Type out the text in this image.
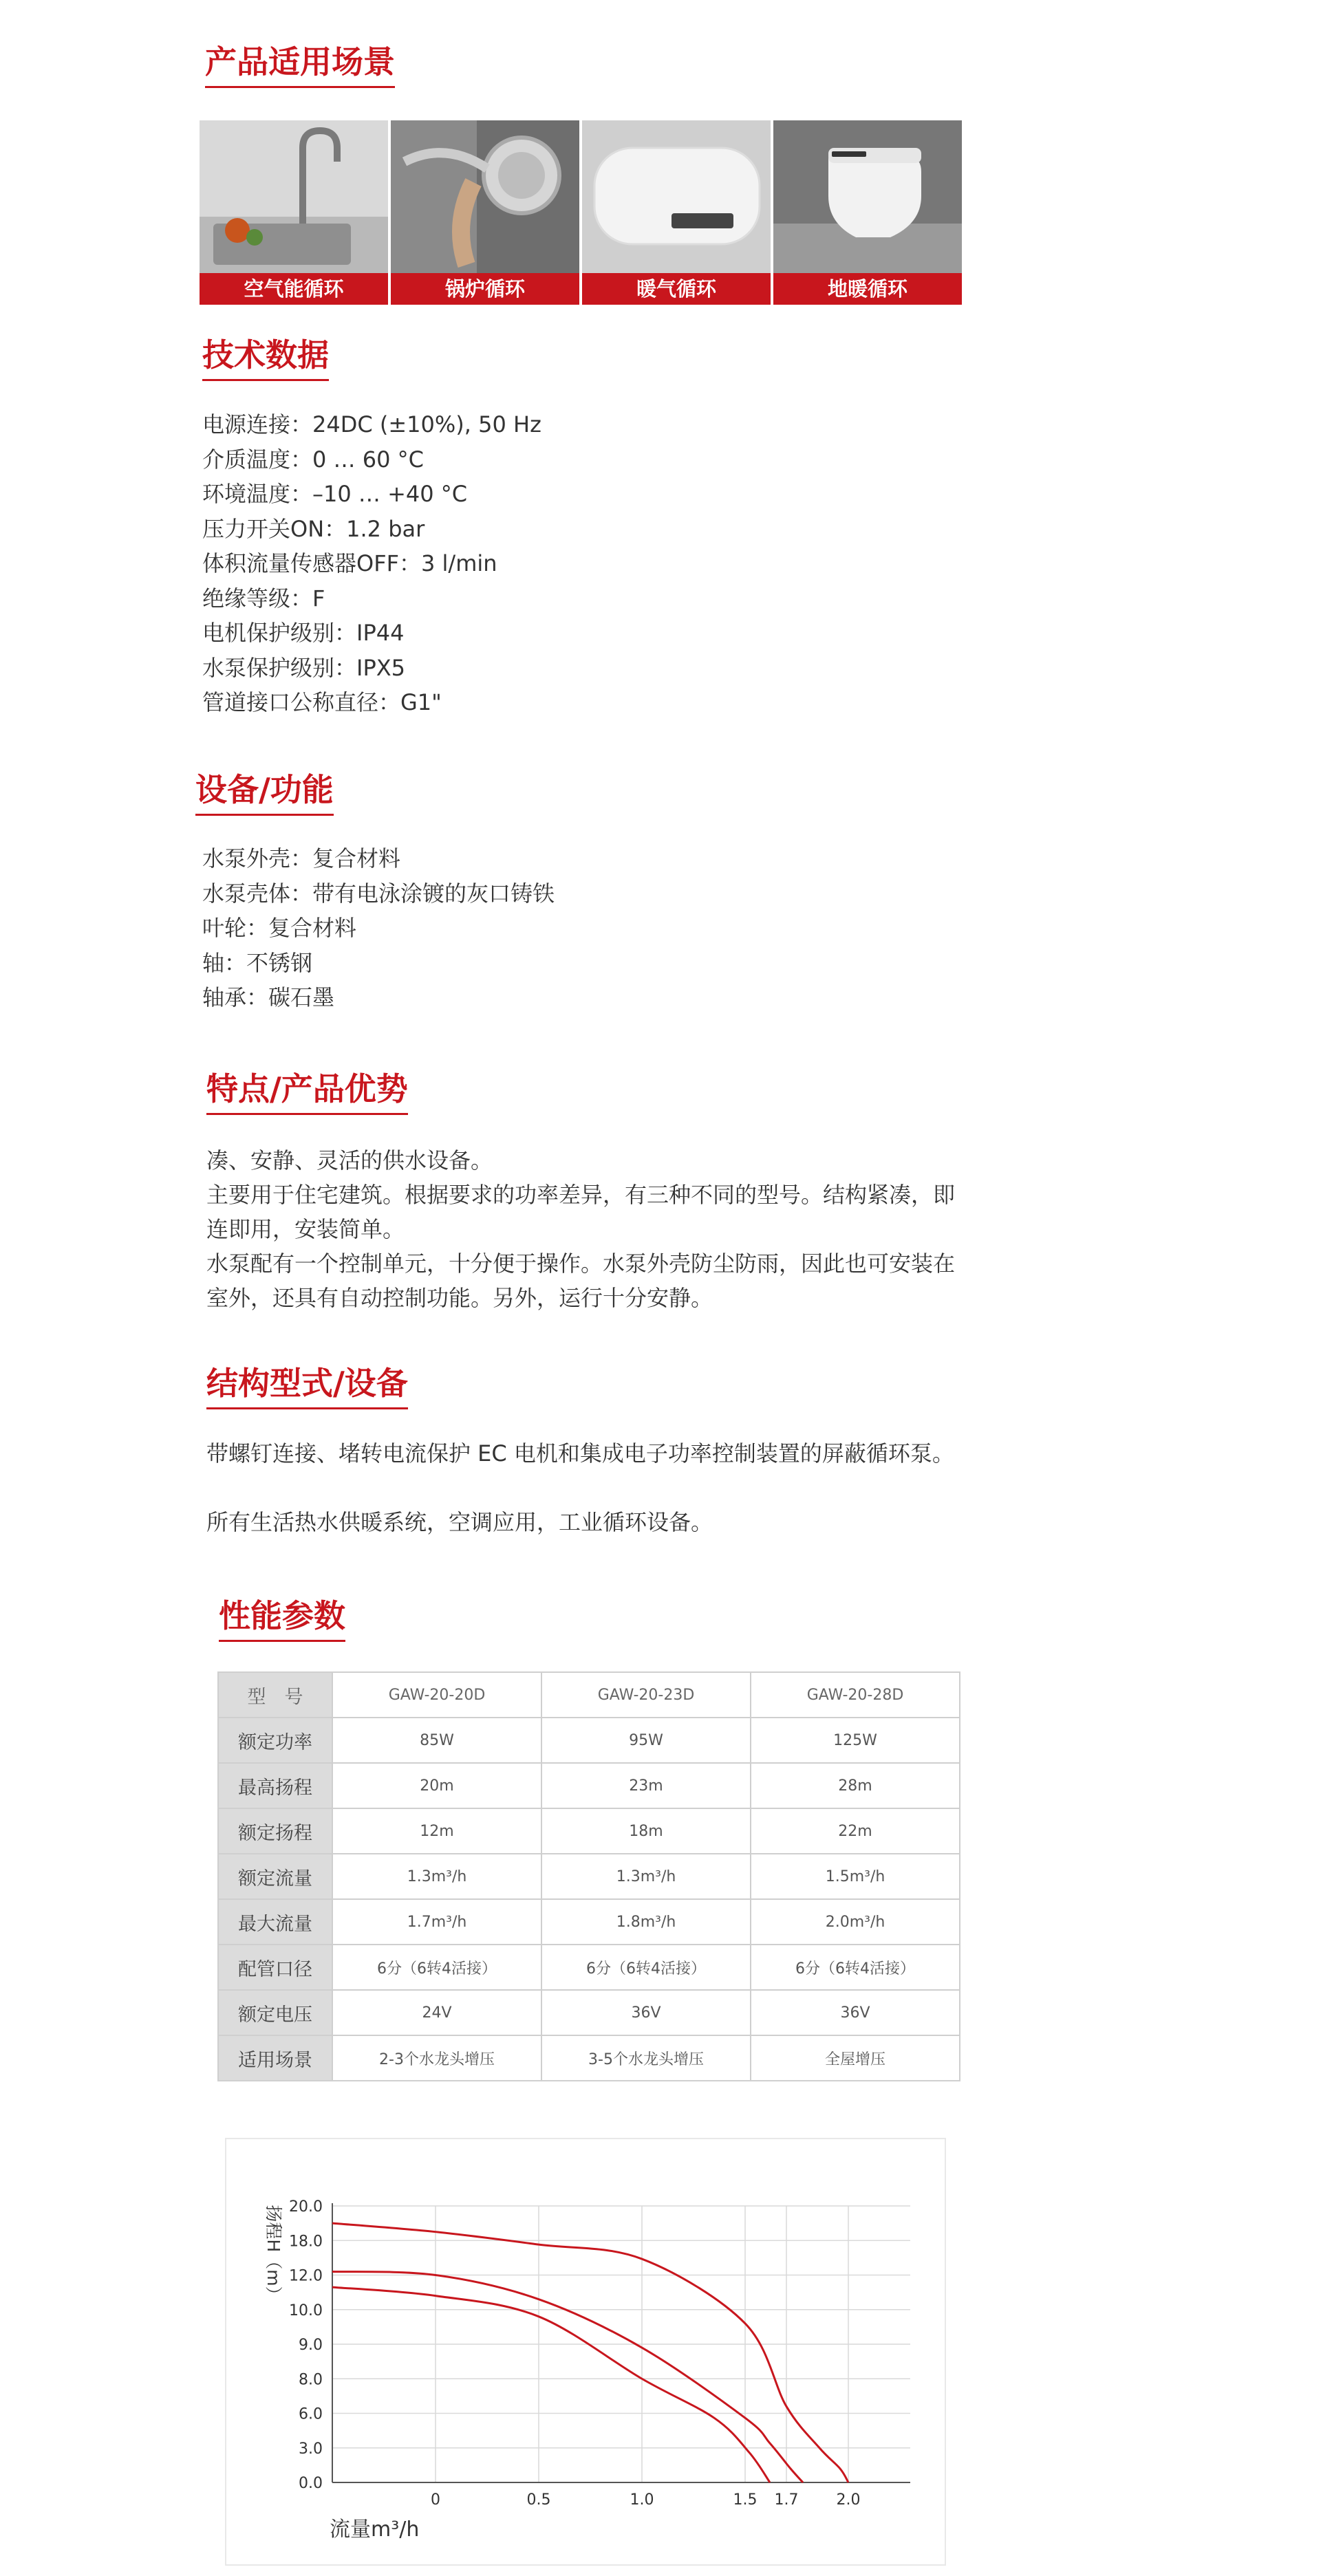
产品适用场景
空气能循环	锅炉循环	暖气循环	地暖循环
技术数据
电源连接：24DC (±10%), 50 Hz
介质温度：0 … 60 °C
环境温度：–10 … +40 °C
压力开关ON：1.2 bar
体积流量传感器OFF：3 l/min
绝缘等级：F
电机保护级别：IP44
水泵保护级别：IPX5
管道接口公称直径：G1"
设备/功能
水泵外壳：复合材料
水泵壳体：带有电泳涂镀的灰口铸铁
叶轮：复合材料
轴：不锈钢
轴承：碳石墨
特点/产品优势
凑、安静、灵活的供水设备。
主要用于住宅建筑。根据要求的功率差异，有三种不同的型号。结构紧凑，即
连即用，安装简单。
水泵配有一个控制单元，十分便于操作。水泵外壳防尘防雨，因此也可安装在
室外，还具有自动控制功能。另外，运行十分安静。
结构型式/设备
带螺钉连接、堵转电流保护 EC 电机和集成电子功率控制装置的屏蔽循环泵。
所有生活热水供暖系统，空调应用，工业循环设备。
性能参数
型　号	GAW-20-20D	GAW-20-23D	GAW-20-28D
额定功率	85W	95W	125W
最高扬程	20m	23m	28m
额定扬程	12m	18m	22m
额定流量	1.3m³/h	1.3m³/h	1.5m³/h
最大流量	1.7m³/h	1.8m³/h	2.0m³/h
配管口径	6分（6转4活接）	6分（6转4活接）	6分（6转4活接）
额定电压	24V	36V	36V
适用场景	2-3个水龙头增压	3-5个水龙头增压	全屋增压
0.0
3.0
6.0
8.0
9.0
10.0
12.0
18.0
20.0
0	0.5	1.0	1.5 1.7	2.0
扬程H（m）
流量m³/h
